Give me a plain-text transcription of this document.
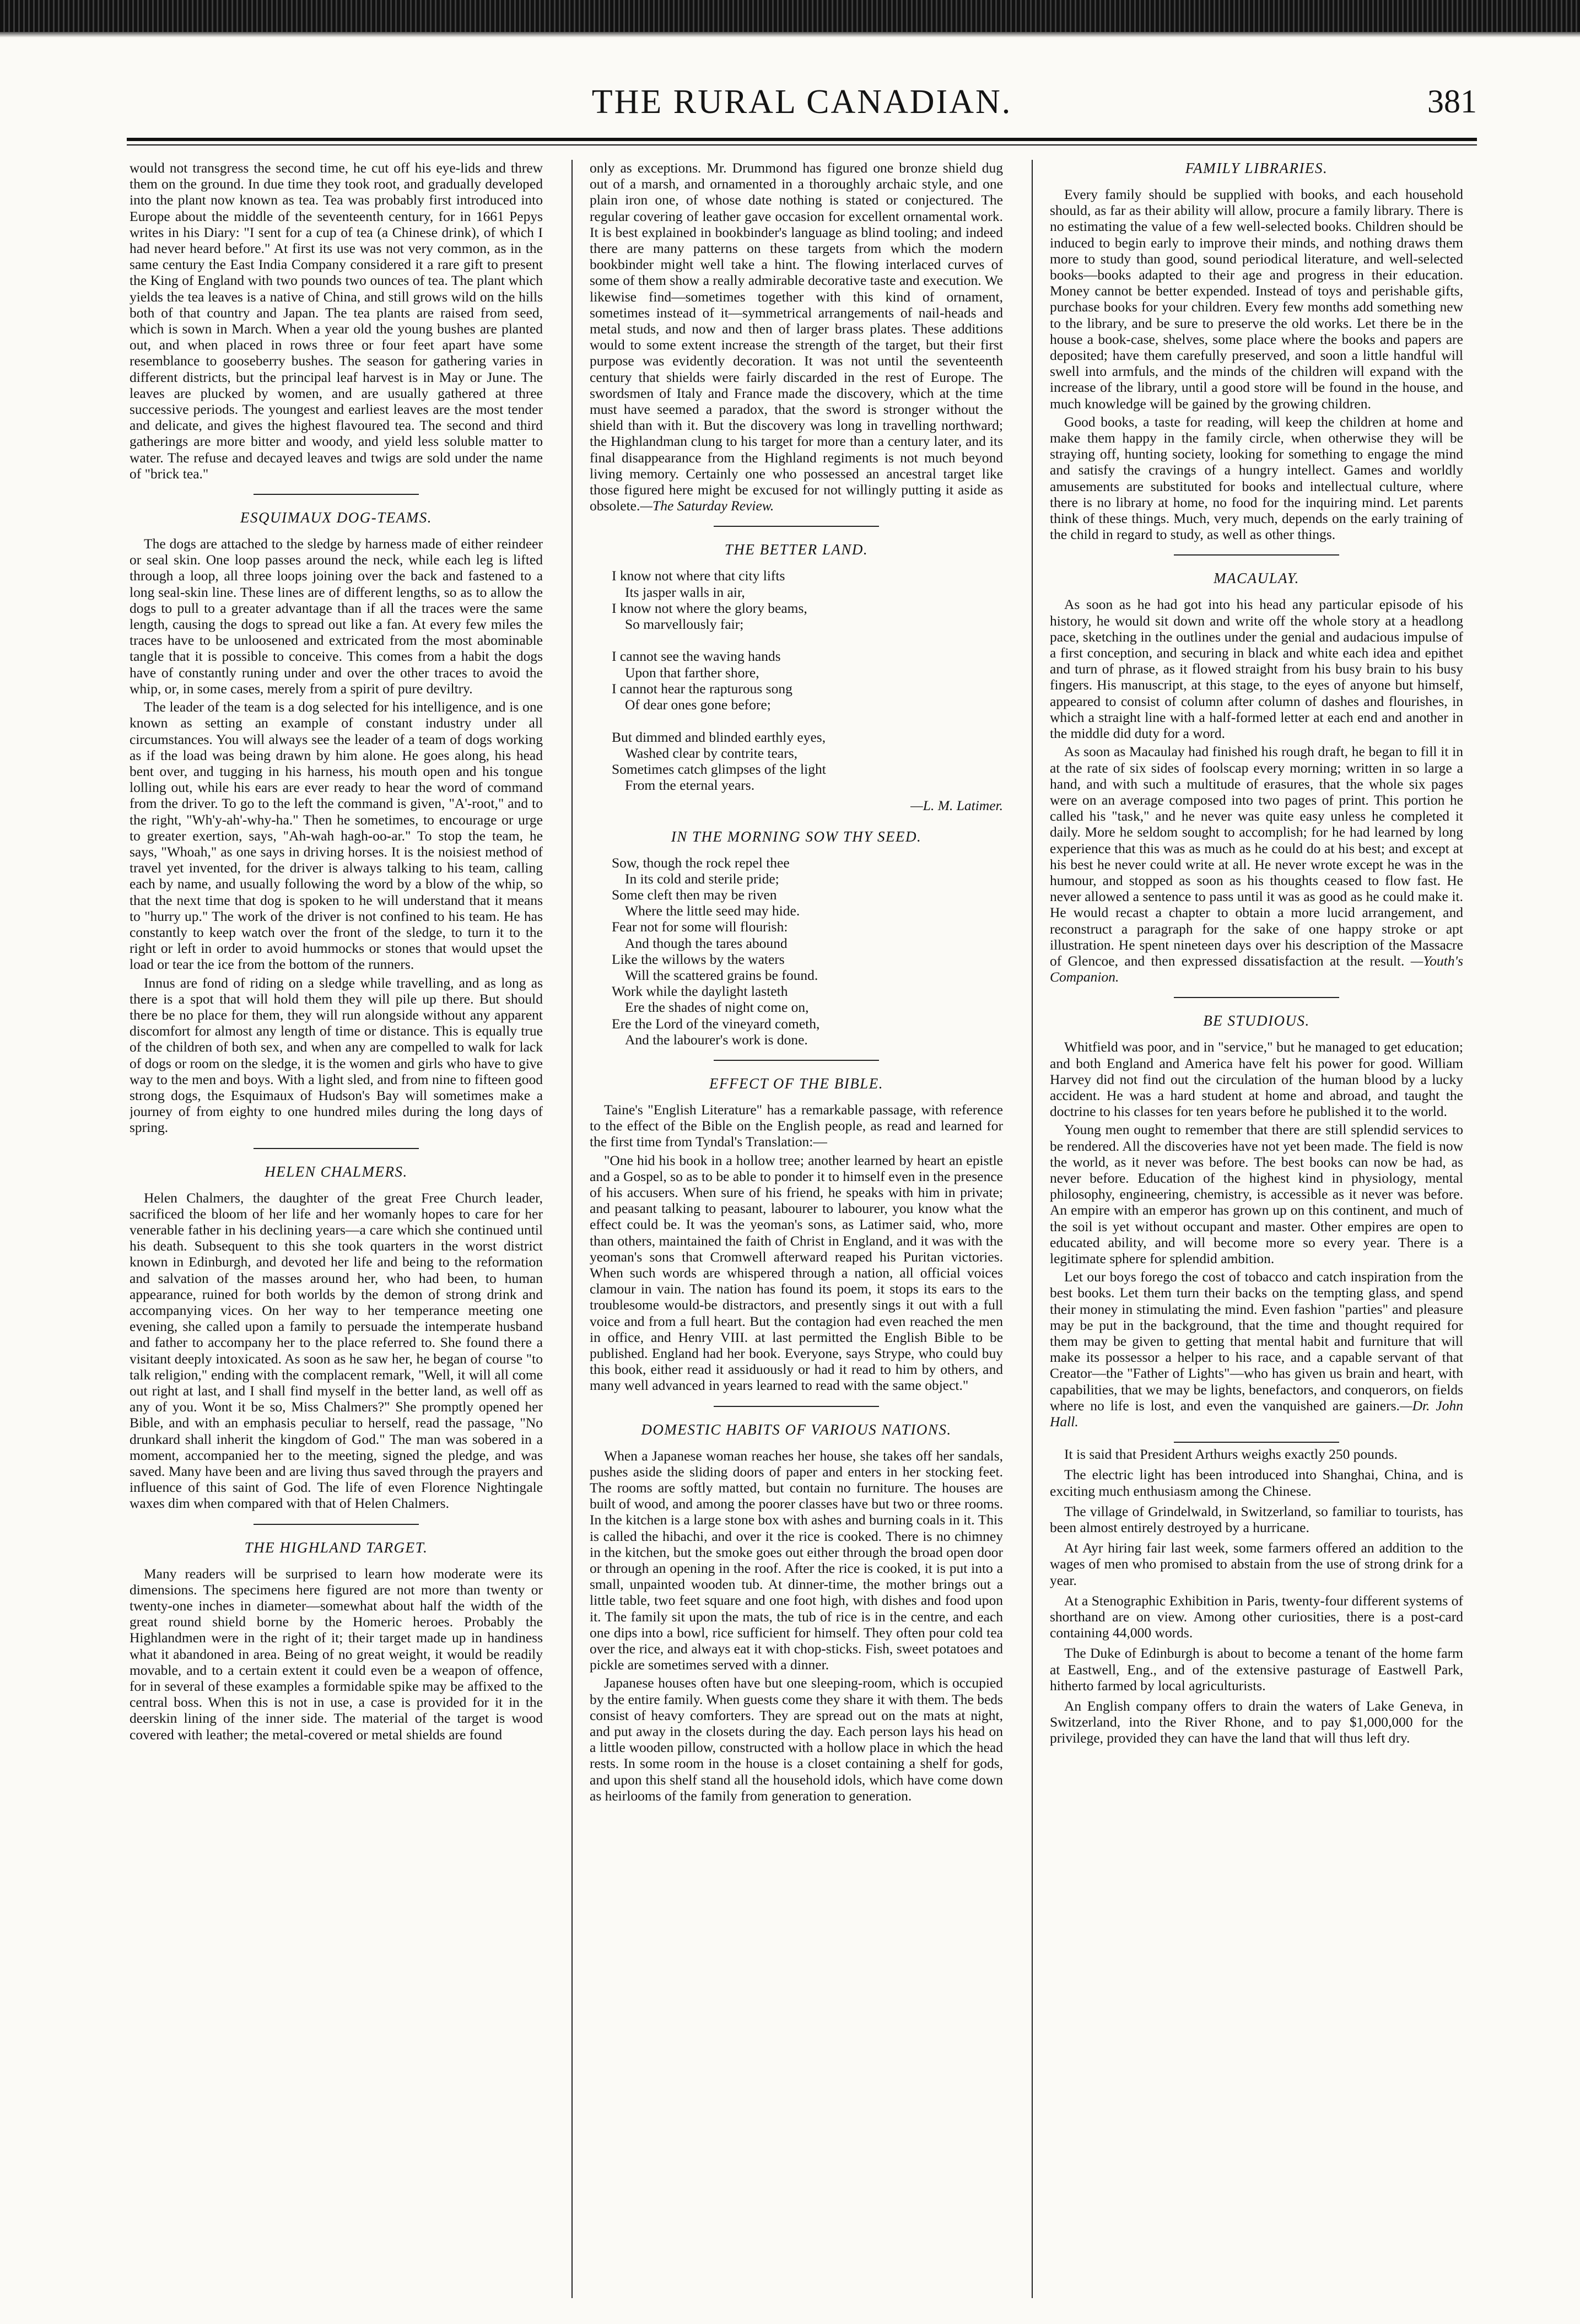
THE RURAL CANADIAN.	381

would not transgress the second time, he cut off his eye-lids and threw them on the ground. In due time they took root, and gradually developed into the plant now known as tea. Tea was probably first introduced into Europe about the middle of the seventeenth century, for in 1661 Pepys writes in his Diary: "I sent for a cup of tea (a Chinese drink), of which I had never heard before." At first its use was not very common, as in the same century the East India Company considered it a rare gift to present the King of England with two pounds two ounces of tea. The plant which yields the tea leaves is a native of China, and still grows wild on the hills both of that country and Japan. The tea plants are raised from seed, which is sown in March. When a year old the young bushes are planted out, and when placed in rows three or four feet apart have some resemblance to gooseberry bushes. The season for gathering varies in different districts, but the principal leaf harvest is in May or June. The leaves are plucked by women, and are usually gathered at three successive periods. The youngest and earliest leaves are the most tender and delicate, and gives the highest flavoured tea. The second and third gatherings are more bitter and woody, and yield less soluble matter to water. The refuse and decayed leaves and twigs are sold under the name of "brick tea."

ESQUIMAUX DOG-TEAMS.

The dogs are attached to the sledge by harness made of either reindeer or seal skin. One loop passes around the neck, while each leg is lifted through a loop, all three loops joining over the back and fastened to a long seal-skin line. These lines are of different lengths, so as to allow the dogs to pull to a greater advantage than if all the traces were the same length, causing the dogs to spread out like a fan. At every few miles the traces have to be unloosened and extricated from the most abominable tangle that it is possible to conceive. This comes from a habit the dogs have of constantly runing under and over the other traces to avoid the whip, or, in some cases, merely from a spirit of pure deviltry.

The leader of the team is a dog selected for his intelligence, and is one known as setting an example of constant industry under all circumstances. You will always see the leader of a team of dogs working as if the load was being drawn by him alone. He goes along, his head bent over, and tugging in his harness, his mouth open and his tongue lolling out, while his ears are ever ready to hear the word of command from the driver. To go to the left the command is given, "A'-root," and to the right, "Wh'y-ah'-why-ha." Then he sometimes, to encourage or urge to greater exertion, says, "Ah-wah hagh-oo-ar." To stop the team, he says, "Whoah," as one says in driving horses. It is the noisiest method of travel yet invented, for the driver is always talking to his team, calling each by name, and usually following the word by a blow of the whip, so that the next time that dog is spoken to he will understand that it means to "hurry up." The work of the driver is not confined to his team. He has constantly to keep watch over the front of the sledge, to turn it to the right or left in order to avoid hummocks or stones that would upset the load or tear the ice from the bottom of the runners.

Innus are fond of riding on a sledge while travelling, and as long as there is a spot that will hold them they will pile up there. But should there be no place for them, they will run alongside without any apparent discomfort for almost any length of time or distance. This is equally true of the children of both sex, and when any are compelled to walk for lack of dogs or room on the sledge, it is the women and girls who have to give way to the men and boys. With a light sled, and from nine to fifteen good strong dogs, the Esquimaux of Hudson's Bay will sometimes make a journey of from eighty to one hundred miles during the long days of spring.

HELEN CHALMERS.

Helen Chalmers, the daughter of the great Free Church leader, sacrificed the bloom of her life and her womanly hopes to care for her venerable father in his declining years—a care which she continued until his death. Subsequent to this she took quarters in the worst district known in Edinburgh, and devoted her life and being to the reformation and salvation of the masses around her, who had been, to human appearance, ruined for both worlds by the demon of strong drink and accompanying vices. On her way to her temperance meeting one evening, she called upon a family to persuade the intemperate husband and father to accompany her to the place referred to. She found there a visitant deeply intoxicated. As soon as he saw her, he began of course "to talk religion," ending with the complacent remark, "Well, it will all come out right at last, and I shall find myself in the better land, as well off as any of you. Wont it be so, Miss Chalmers?" She promptly opened her Bible, and with an emphasis peculiar to herself, read the passage, "No drunkard shall inherit the kingdom of God." The man was sobered in a moment, accompanied her to the meeting, signed the pledge, and was saved. Many have been and are living thus saved through the prayers and influence of this saint of God. The life of even Florence Nightingale waxes dim when compared with that of Helen Chalmers.

THE HIGHLAND TARGET.

Many readers will be surprised to learn how moderate were its dimensions. The specimens here figured are not more than twenty or twenty-one inches in diameter—somewhat about half the width of the great round shield borne by the Homeric heroes. Probably the Highlandmen were in the right of it; their target made up in handiness what it abandoned in area. Being of no great weight, it would be readily movable, and to a certain extent it could even be a weapon of offence, for in several of these examples a formidable spike may be affixed to the central boss. When this is not in use, a case is provided for it in the deerskin lining of the inner side. The material of the target is wood covered with leather; the metal-covered or metal shields are found

only as exceptions. Mr. Drummond has figured one bronze shield dug out of a marsh, and ornamented in a thoroughly archaic style, and one plain iron one, of whose date nothing is stated or conjectured. The regular covering of leather gave occasion for excellent ornamental work. It is best explained in bookbinder's language as blind tooling; and indeed there are many patterns on these targets from which the modern bookbinder might well take a hint. The flowing interlaced curves of some of them show a really admirable decorative taste and execution. We likewise find—sometimes together with this kind of ornament, sometimes instead of it—symmetrical arrangements of nail-heads and metal studs, and now and then of larger brass plates. These additions would to some extent increase the strength of the target, but their first purpose was evidently decoration. It was not until the seventeenth century that shields were fairly discarded in the rest of Europe. The swordsmen of Italy and France made the discovery, which at the time must have seemed a paradox, that the sword is stronger without the shield than with it. But the discovery was long in travelling northward; the Highlandman clung to his target for more than a century later, and its final disappearance from the Highland regiments is not much beyond living memory. Certainly one who possessed an ancestral target like those figured here might be excused for not willingly putting it aside as obsolete.—The Saturday Review.

THE BETTER LAND.
I know not where that city lifts
Its jasper walls in air,
I know not where the glory beams,
So marvellously fair;

I cannot see the waving hands
Upon that farther shore,
I cannot hear the rapturous song
Of dear ones gone before;

But dimmed and blinded earthly eyes,
Washed clear by contrite tears,
Sometimes catch glimpses of the light
From the eternal years.
—L. M. Latimer.
IN THE MORNING SOW THY SEED.
Sow, though the rock repel thee
In its cold and sterile pride;
Some cleft then may be riven
Where the little seed may hide.
Fear not for some will flourish:
And though the tares abound
Like the willows by the waters
Will the scattered grains be found.
Work while the daylight lasteth
Ere the shades of night come on,
Ere the Lord of the vineyard cometh,
And the labourer's work is done.
EFFECT OF THE BIBLE.

Taine's "English Literature" has a remarkable passage, with reference to the effect of the Bible on the English people, as read and learned for the first time from Tyndal's Translation:—

"One hid his book in a hollow tree; another learned by heart an epistle and a Gospel, so as to be able to ponder it to himself even in the presence of his accusers. When sure of his friend, he speaks with him in private; and peasant talking to peasant, labourer to labourer, you know what the effect could be. It was the yeoman's sons, as Latimer said, who, more than others, maintained the faith of Christ in England, and it was with the yeoman's sons that Cromwell afterward reaped his Puritan victories. When such words are whispered through a nation, all official voices clamour in vain. The nation has found its poem, it stops its ears to the troublesome would-be distractors, and presently sings it out with a full voice and from a full heart. But the contagion had even reached the men in office, and Henry VIII. at last permitted the English Bible to be published. England had her book. Everyone, says Strype, who could buy this book, either read it assiduously or had it read to him by others, and many well advanced in years learned to read with the same object."

DOMESTIC HABITS OF VARIOUS NATIONS.

When a Japanese woman reaches her house, she takes off her sandals, pushes aside the sliding doors of paper and enters in her stocking feet. The rooms are softly matted, but contain no furniture. The houses are built of wood, and among the poorer classes have but two or three rooms. In the kitchen is a large stone box with ashes and burning coals in it. This is called the hibachi, and over it the rice is cooked. There is no chimney in the kitchen, but the smoke goes out either through the broad open door or through an opening in the roof. After the rice is cooked, it is put into a small, unpainted wooden tub. At dinner-time, the mother brings out a little table, two feet square and one foot high, with dishes and food upon it. The family sit upon the mats, the tub of rice is in the centre, and each one dips into a bowl, rice sufficient for himself. They often pour cold tea over the rice, and always eat it with chop-sticks. Fish, sweet potatoes and pickle are sometimes served with a dinner.

Japanese houses often have but one sleeping-room, which is occupied by the entire family. When guests come they share it with them. The beds consist of heavy comforters. They are spread out on the mats at night, and put away in the closets during the day. Each person lays his head on a little wooden pillow, constructed with a hollow place in which the head rests. In some room in the house is a closet containing a shelf for gods, and upon this shelf stand all the household idols, which have come down as heirlooms of the family from generation to generation.

FAMILY LIBRARIES.

Every family should be supplied with books, and each household should, as far as their ability will allow, procure a family library. There is no estimating the value of a few well-selected books. Children should be induced to begin early to improve their minds, and nothing draws them more to study than good, sound periodical literature, and well-selected books—books adapted to their age and progress in their education. Money cannot be better expended. Instead of toys and perishable gifts, purchase books for your children. Every few months add something new to the library, and be sure to preserve the old works. Let there be in the house a book-case, shelves, some place where the books and papers are deposited; have them carefully preserved, and soon a little handful will swell into armfuls, and the minds of the children will expand with the increase of the library, until a good store will be found in the house, and much knowledge will be gained by the growing children.

Good books, a taste for reading, will keep the children at home and make them happy in the family circle, when otherwise they will be straying off, hunting society, looking for something to engage the mind and satisfy the cravings of a hungry intellect. Games and worldly amusements are substituted for books and intellectual culture, where there is no library at home, no food for the inquiring mind. Let parents think of these things. Much, very much, depends on the early training of the child in regard to study, as well as other things.

MACAULAY.

As soon as he had got into his head any particular episode of his history, he would sit down and write off the whole story at a headlong pace, sketching in the outlines under the genial and audacious impulse of a first conception, and securing in black and white each idea and epithet and turn of phrase, as it flowed straight from his busy brain to his busy fingers. His manuscript, at this stage, to the eyes of anyone but himself, appeared to consist of column after column of dashes and flourishes, in which a straight line with a half-formed letter at each end and another in the middle did duty for a word.

As soon as Macaulay had finished his rough draft, he began to fill it in at the rate of six sides of foolscap every morning; written in so large a hand, and with such a multitude of erasures, that the whole six pages were on an average composed into two pages of print. This portion he called his "task," and he never was quite easy unless he completed it daily. More he seldom sought to accomplish; for he had learned by long experience that this was as much as he could do at his best; and except at his best he never could write at all. He never wrote except he was in the humour, and stopped as soon as his thoughts ceased to flow fast. He never allowed a sentence to pass until it was as good as he could make it. He would recast a chapter to obtain a more lucid arrangement, and reconstruct a paragraph for the sake of one happy stroke or apt illustration. He spent nineteen days over his description of the Massacre of Glencoe, and then expressed dissatisfaction at the result. —Youth's Companion.

BE STUDIOUS.

Whitfield was poor, and in "service," but he managed to get education; and both England and America have felt his power for good. William Harvey did not find out the circulation of the human blood by a lucky accident. He was a hard student at home and abroad, and taught the doctrine to his classes for ten years before he published it to the world.

Young men ought to remember that there are still splendid services to be rendered. All the discoveries have not yet been made. The field is now the world, as it never was before. The best books can now be had, as never before. Education of the highest kind in physiology, mental philosophy, engineering, chemistry, is accessible as it never was before. An empire with an emperor has grown up on this continent, and much of the soil is yet without occupant and master. Other empires are open to educated ability, and will become more so every year. There is a legitimate sphere for splendid ambition.

Let our boys forego the cost of tobacco and catch inspiration from the best books. Let them turn their backs on the tempting glass, and spend their money in stimulating the mind. Even fashion "parties" and pleasure may be put in the background, that the time and thought required for them may be given to getting that mental habit and furniture that will make its possessor a helper to his race, and a capable servant of that Creator—the "Father of Lights"—who has given us brain and heart, with capabilities, that we may be lights, benefactors, and conquerors, on fields where no life is lost, and even the vanquished are gainers.—Dr. John Hall.

It is said that President Arthurs weighs exactly 250 pounds.

The electric light has been introduced into Shanghai, China, and is exciting much enthusiasm among the Chinese.

The village of Grindelwald, in Switzerland, so familiar to tourists, has been almost entirely destroyed by a hurricane.

At Ayr hiring fair last week, some farmers offered an addition to the wages of men who promised to abstain from the use of strong drink for a year.

At a Stenographic Exhibition in Paris, twenty-four different systems of shorthand are on view. Among other curiosities, there is a post-card containing 44,000 words.

The Duke of Edinburgh is about to become a tenant of the home farm at Eastwell, Eng., and of the extensive pasturage of Eastwell Park, hitherto farmed by local agriculturists.

An English company offers to drain the waters of Lake Geneva, in Switzerland, into the River Rhone, and to pay $1,000,000 for the privilege, provided they can have the land that will thus left dry.
